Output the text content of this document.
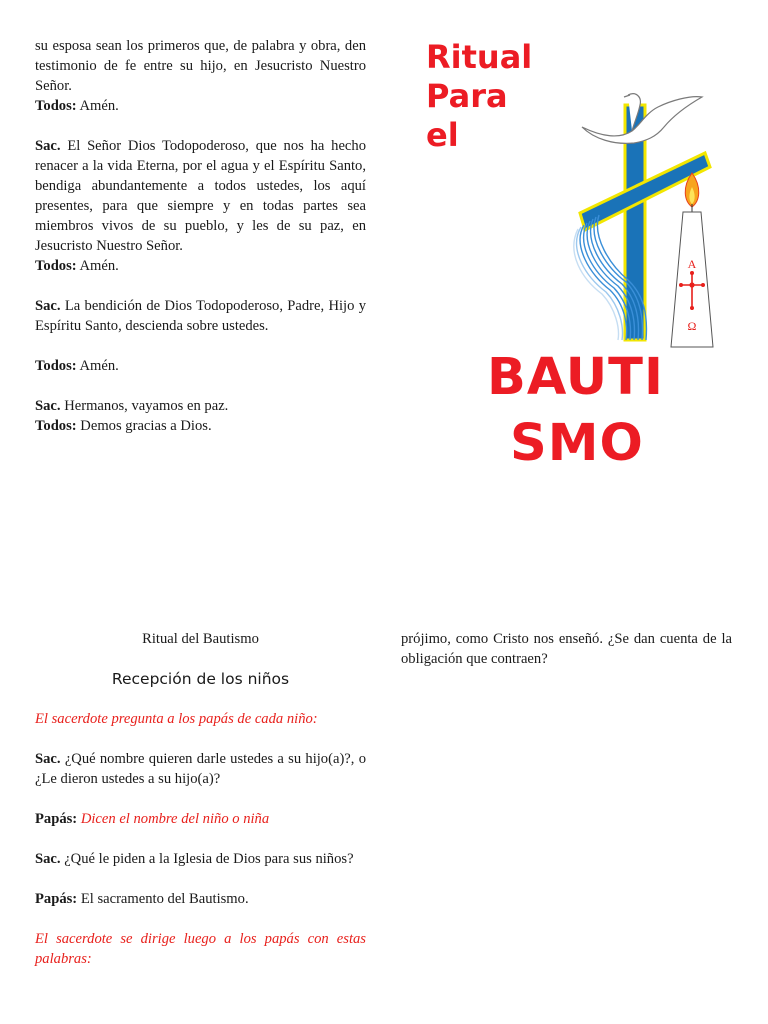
su esposa sean los primeros que, de palabra y obra, den testimonio de fe entre su hijo, en Jesucristo Nuestro Señor.

Todos: Amén.

Sac. El Señor Dios Todopoderoso, que nos ha hecho renacer a la vida Eterna, por el agua y el Espíritu Santo, bendiga abundantemente a todos ustedes, los aquí presentes, para que siempre y en todas partes sea miembros vivos de su pueblo, y les de su paz, en Jesucristo Nuestro Señor.

Todos: Amén.

Sac. La bendición de Dios Todopoderoso, Padre, Hijo y Espíritu Santo, descienda sobre ustedes.

Todos: Amén.

Sac. Hermanos, vayamos en paz.

Todos: Demos gracias a Dios.

Ritual
Para
el
A
Ω
BAUTI
SMO

Ritual del Bautismo

Recepción de los niños

El sacerdote pregunta a los papás de cada niño:

Sac. ¿Qué nombre quieren darle ustedes a su hijo(a)?, o ¿Le dieron ustedes a su hijo(a)?

Papás: Dicen el nombre del niño o niña

Sac. ¿Qué le piden a la Iglesia de Dios para sus niños?

Papás: El sacramento del Bautismo.

El sacerdote se dirige luego a los papás con estas palabras:

prójimo, como Cristo nos enseñó. ¿Se dan cuenta de la obligación que contraen?
